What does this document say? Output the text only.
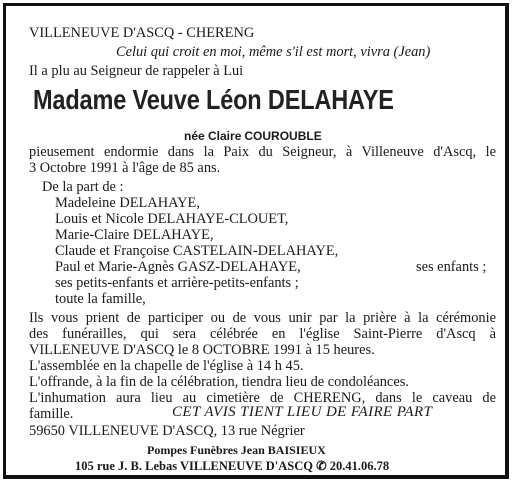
VILLENEUVE D'ASCQ - CHERENG
Celui qui croit en moi, même s'il est mort, vivra (Jean)
Il a plu au Seigneur de rappeler à Lui
Madame Veuve Léon DELAHAYE
née Claire COUROUBLE
pieusement endormie dans la Paix du Seigneur, à Villeneuve d'Ascq, le
3 Octobre 1991 à l'âge de 85 ans.
De la part de :
Madeleine DELAHAYE,
Louis et Nicole DELAHAYE-CLOUET,
Marie-Claire DELAHAYE,
Claude et Françoise CASTELAIN-DELAHAYE,
Paul et Marie-Agnès GASZ-DELAHAYE,	ses enfants ;
ses petits-enfants et arrière-petits-enfants ;
toute la famille,
Ils vous prient de participer ou de vous unir par la prière à la cérémonie
des funérailles, qui sera célébrée en l'église Saint-Pierre d'Ascq à
VILLENEUVE D'ASCQ le 8 OCTOBRE 1991 à 15 heures.
L'assemblée en la chapelle de l'église à 14 h 45.
L'offrande, à la fin de la célébration, tiendra lieu de condoléances.
L'inhumation aura lieu au cimetière de CHERENG, dans le caveau de
famille.	CET AVIS TIENT LIEU DE FAIRE PART
59650 VILLENEUVE D'ASCQ, 13 rue Négrier
Pompes Funèbres Jean BAISIEUX
105 rue J. B. Lebas VILLENEUVE D'ASCQ ✆ 20.41.06.78
